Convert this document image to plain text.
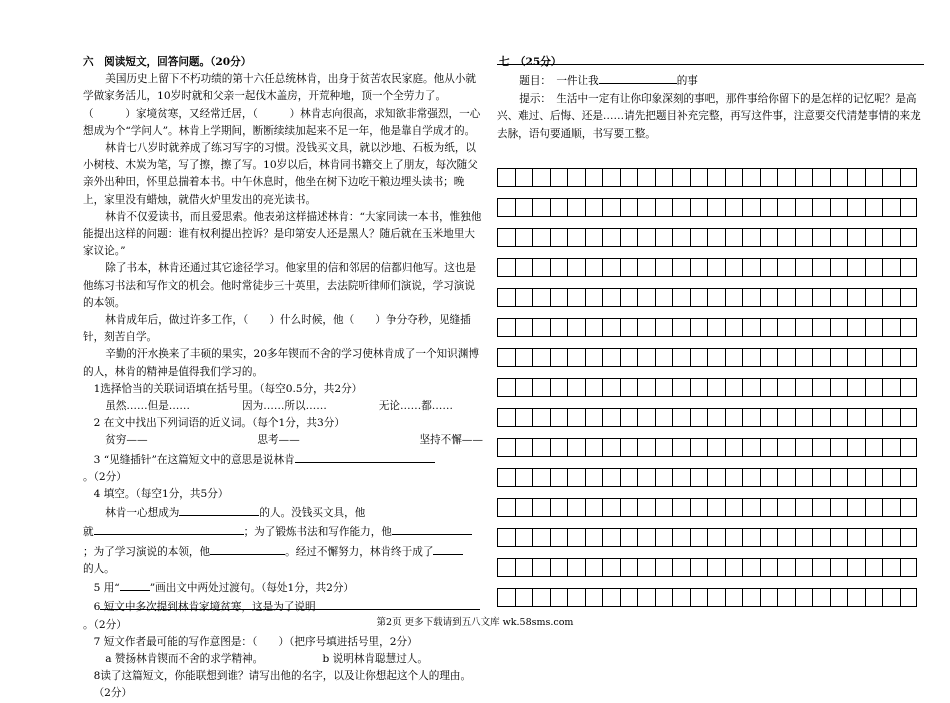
六　阅读短文，回答问题。（20分）

美国历史上留下不朽功绩的第十六任总统林肯，出身于贫苦农民家庭。他从小就学做家务活儿，10岁时就和父亲一起伐木盖房，开荒种地，顶一个全劳力了。（　　　）家境贫寒，又经常迁居，（　　　）林肯志向很高，求知欲非常强烈，一心想成为个“学问人”。林肯上学期间，断断续续加起来不足一年，他是靠自学成才的。

林肯七八岁时就养成了练习写字的习惯。没钱买文具，就以沙地、石板为纸，以小树枝、木炭为笔，写了擦，擦了写。10岁以后，林肯同书籍交上了朋友，每次随父亲外出种田，怀里总揣着本书。中午休息时，他坐在树下边吃干粮边埋头读书；晚上，家里没有蜡烛，就借火炉里发出的亮光读书。

林肯不仅爱读书，而且爱思索。他表弟这样描述林肯：“大家同读一本书，惟独他能提出这样的问题：谁有权利提出控诉？是印第安人还是黑人？随后就在玉米地里大家议论。”

除了书本，林肯还通过其它途径学习。他家里的信和邻居的信都归他写。这也是他练习书法和写作文的机会。他时常徒步三十英里，去法院听律师们演说，学习演说的本领。

林肯成年后，做过许多工作，（　　）什么时候，他（　　）争分夺秒，见缝插针，刻苦自学。

辛勤的汗水换来了丰硕的果实，20多年锲而不舍的学习使林肯成了一个知识渊博的人，林肯的精神是值得我们学习的。

1选择恰当的关联词语填在括号里。（每空0.5分，共2分）

虽然……但是……	因为……所以……	无论……都……

2 在文中找出下列词语的近义词。（每个1分，共3分）

贫穷——	思考——	坚持不懈——

3 “见缝插针”在这篇短文中的意思是说林肯

。（2分）

4 填空。（每空1分，共5分）

林肯一心想成为	的人。没钱买文具，他

就	；为了锻炼书法和写作能力，他

；为了学习演说的本领，他	。经过不懈努力，林肯终于成了

的人。

5 用“	”画出文中两处过渡句。（每处1分，共2分）

6 短文中多次提到林肯家境贫寒，这是为了说明

。（2分）

7 短文作者最可能的写作意图是：（　　）（把序号填进括号里，2分）

a 赞扬林肯锲而不舍的求学精神。	b 说明林肯聪慧过人。

8读了这篇短文，你能联想到谁？请写出他的名字，以及让你想起这个人的理由。（2分）

七　（25分）

题目：　一件让我	的事

提示：　生活中一定有让你印象深刻的事吧，那件事给你留下的是怎样的记忆呢？是高兴、难过、后悔、还是……请先把题目补充完整，再写这件事，注意要交代清楚事情的来龙去脉，语句要通顺，书写要工整。

第2页 更多下载请到五八文库 wk.58sms.com
